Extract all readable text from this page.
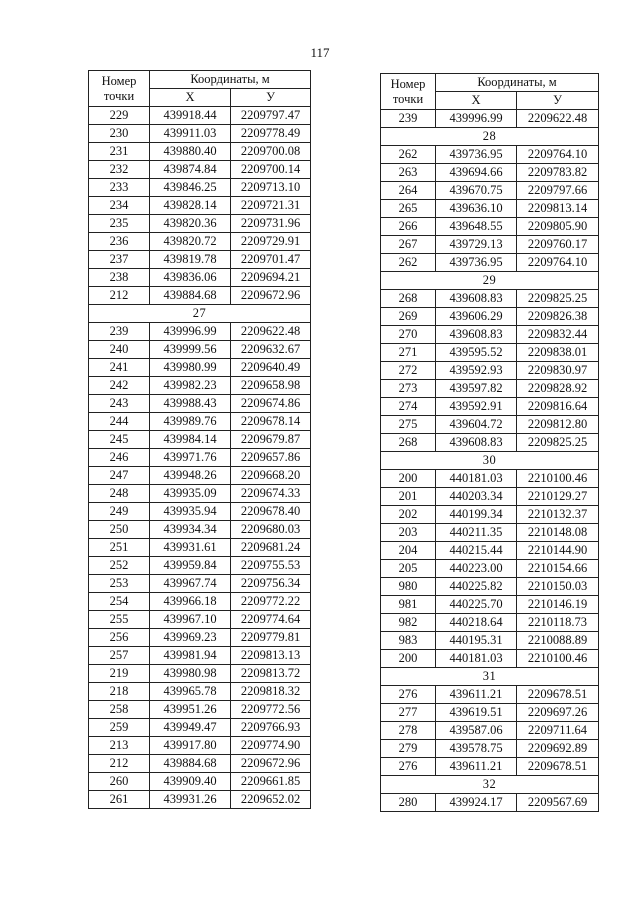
117
Номер
точки	Координаты, м	
	X	У
229	439918.44	2209797.47
230	439911.03	2209778.49
231	439880.40	2209700.08
232	439874.84	2209700.14
233	439846.25	2209713.10
234	439828.14	2209721.31
235	439820.36	2209731.96
236	439820.72	2209729.91
237	439819.78	2209701.47
238	439836.06	2209694.21
212	439884.68	2209672.96
27		
239	439996.99	2209622.48
240	439999.56	2209632.67
241	439980.99	2209640.49
242	439982.23	2209658.98
243	439988.43	2209674.86
244	439989.76	2209678.14
245	439984.14	2209679.87
246	439971.76	2209657.86
247	439948.26	2209668.20
248	439935.09	2209674.33
249	439935.94	2209678.40
250	439934.34	2209680.03
251	439931.61	2209681.24
252	439959.84	2209755.53
253	439967.74	2209756.34
254	439966.18	2209772.22
255	439967.10	2209774.64
256	439969.23	2209779.81
257	439981.94	2209813.13
219	439980.98	2209813.72
218	439965.78	2209818.32
258	439951.26	2209772.56
259	439949.47	2209766.93
213	439917.80	2209774.90
212	439884.68	2209672.96
260	439909.40	2209661.85
261	439931.26	2209652.02
Номер
точки	Координаты, м	
	X	У
239	439996.99	2209622.48
28		
262	439736.95	2209764.10
263	439694.66	2209783.82
264	439670.75	2209797.66
265	439636.10	2209813.14
266	439648.55	2209805.90
267	439729.13	2209760.17
262	439736.95	2209764.10
29		
268	439608.83	2209825.25
269	439606.29	2209826.38
270	439608.83	2209832.44
271	439595.52	2209838.01
272	439592.93	2209830.97
273	439597.82	2209828.92
274	439592.91	2209816.64
275	439604.72	2209812.80
268	439608.83	2209825.25
30		
200	440181.03	2210100.46
201	440203.34	2210129.27
202	440199.34	2210132.37
203	440211.35	2210148.08
204	440215.44	2210144.90
205	440223.00	2210154.66
980	440225.82	2210150.03
981	440225.70	2210146.19
982	440218.64	2210118.73
983	440195.31	2210088.89
200	440181.03	2210100.46
31		
276	439611.21	2209678.51
277	439619.51	2209697.26
278	439587.06	2209711.64
279	439578.75	2209692.89
276	439611.21	2209678.51
32		
280	439924.17	2209567.69
